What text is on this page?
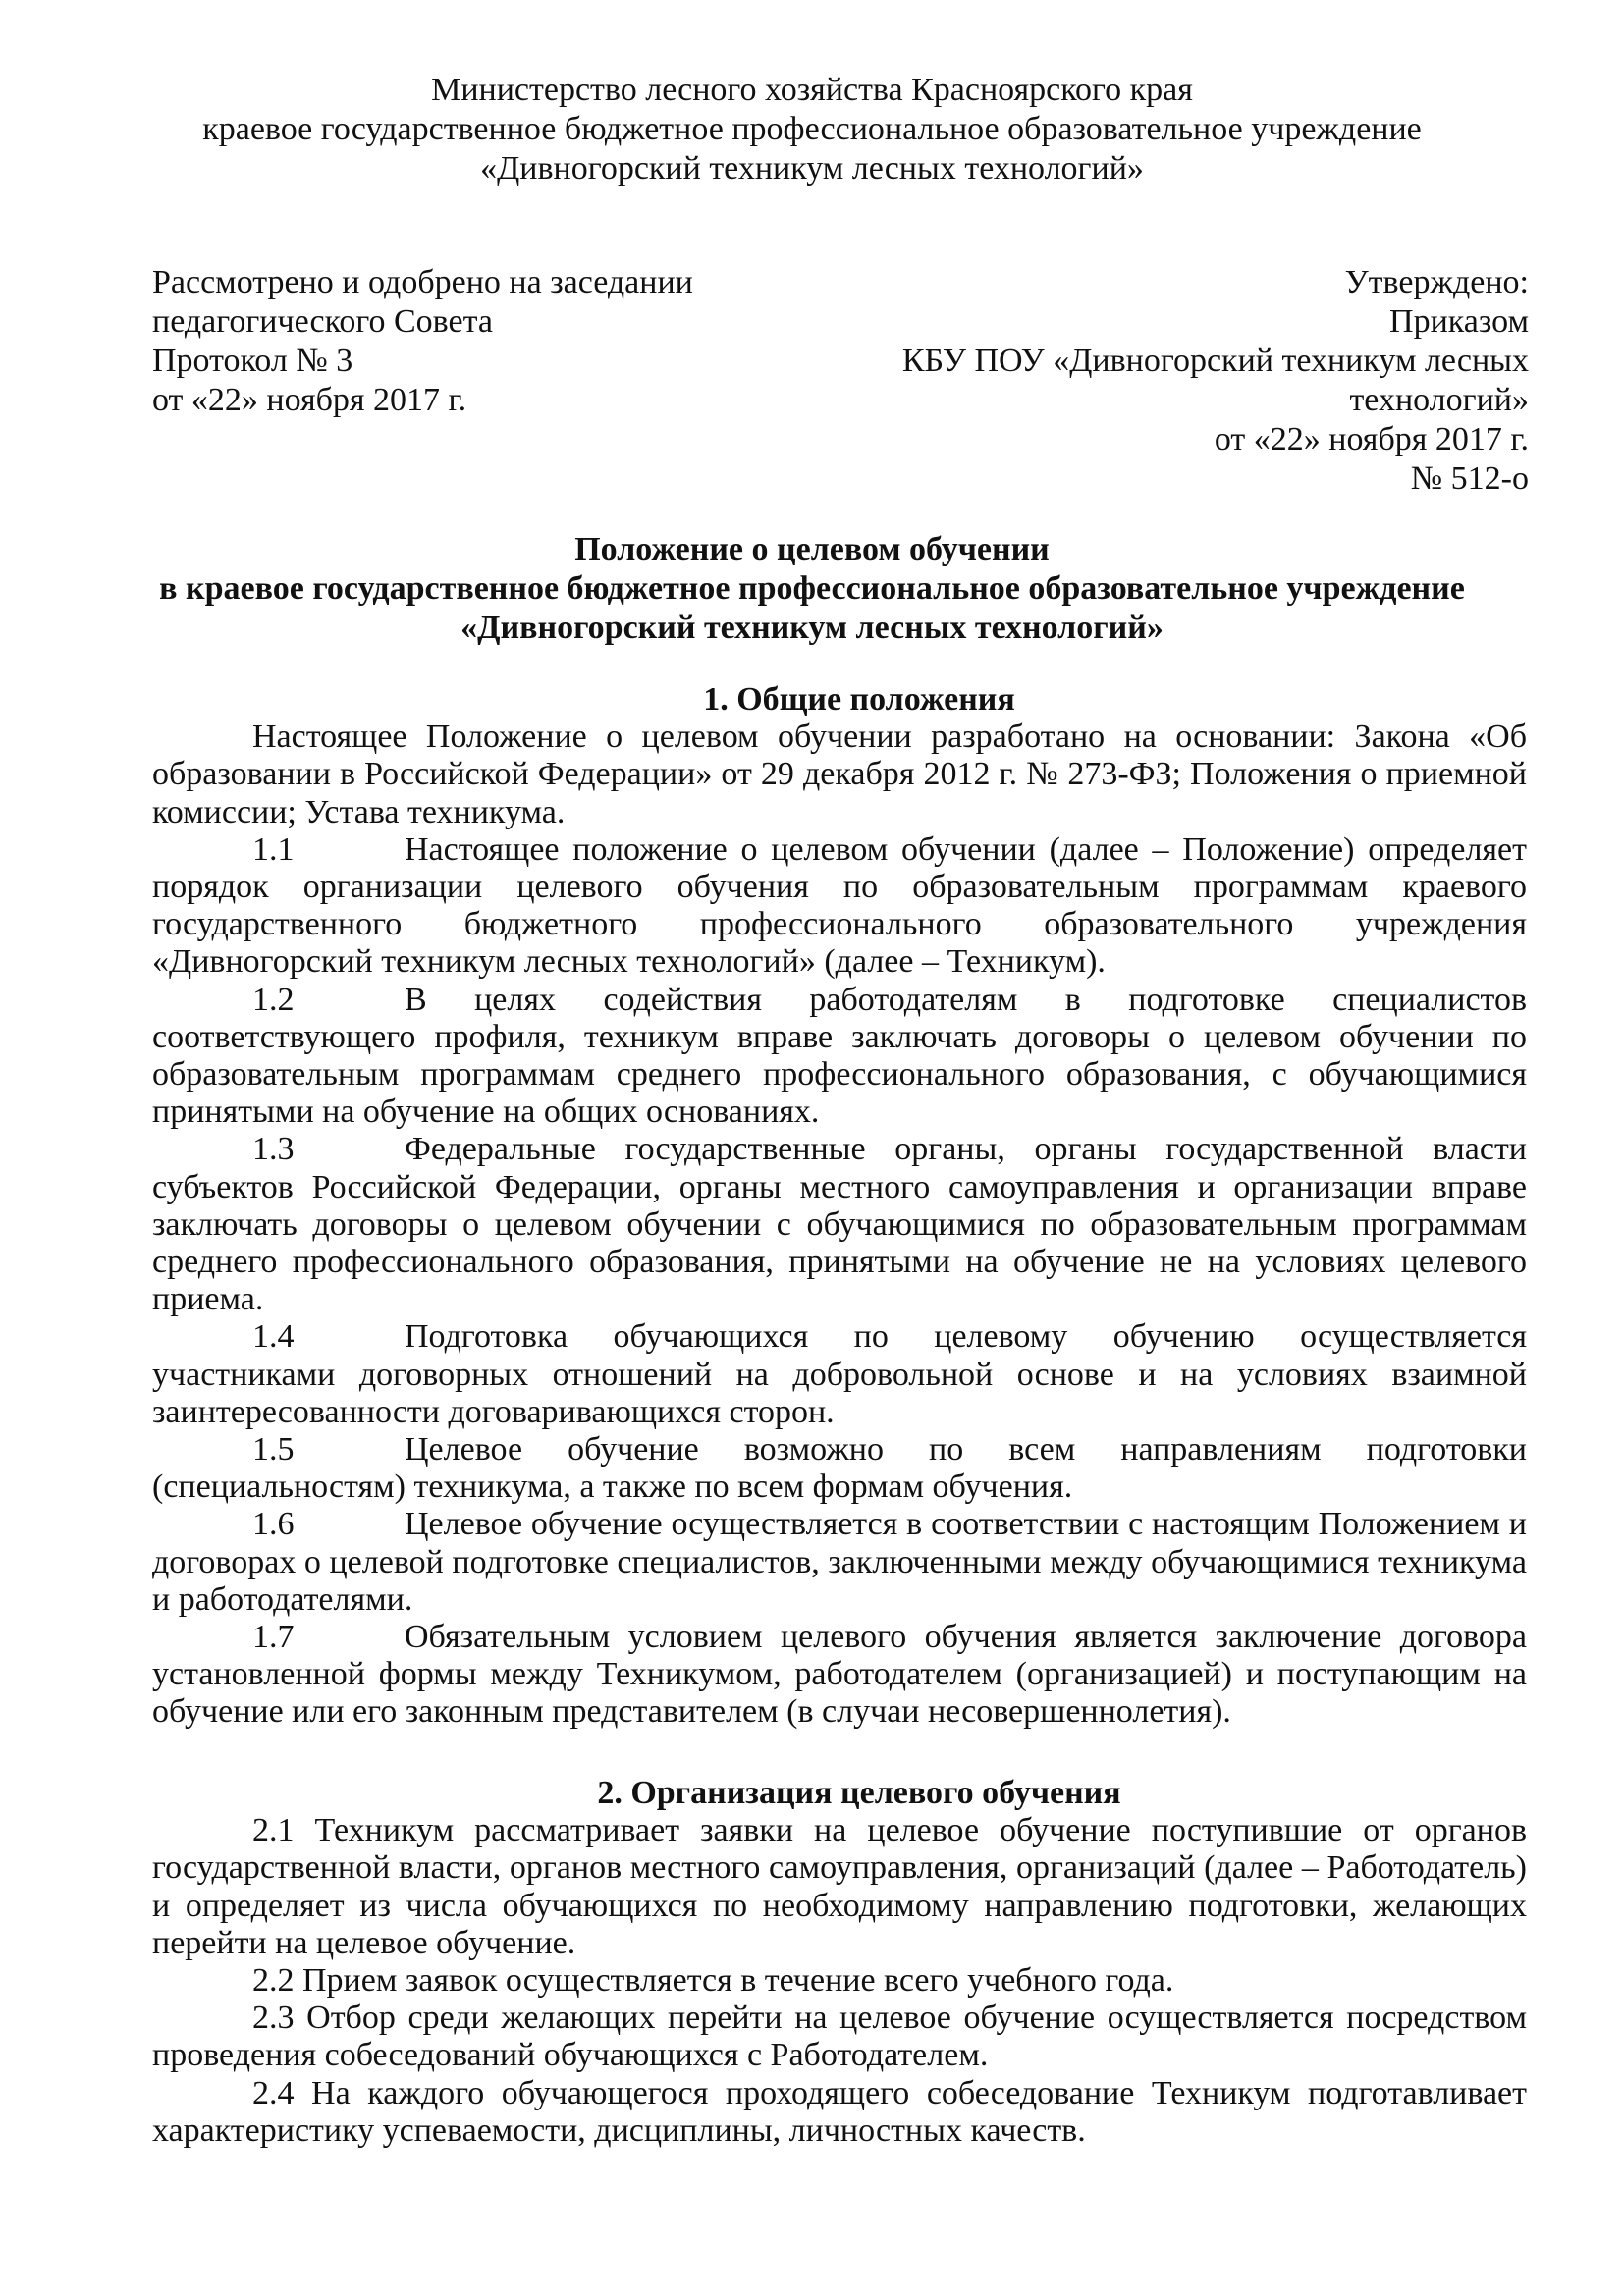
Министерство лесного хозяйства Красноярского края
краевое государственное бюджетное профессиональное образовательное учреждение
«Дивногорский техникум лесных технологий»
Рассмотрено и одобрено на заседании
педагогического Совета
Протокол № 3
от «22» ноября 2017 г.
Утверждено:
Приказом
КБУ ПОУ «Дивногорский техникум лесных
технологий»
от «22» ноября 2017 г.
№ 512-о
Положение о целевом обучении
в краевое государственное бюджетное профессиональное образовательное учреждение
«Дивногорский техникум лесных технологий»

1. Общие положения

Настоящее Положение о целевом обучении разработано на основании: Закона «Об образовании в Российской Федерации» от 29 декабря 2012 г. № 273-ФЗ; Положения о приемной комиссии; Устава техникума.

1.1	Настоящее положение о целевом обучении (далее – Положение) определяет порядок организации целевого обучения по образовательным программам краевого государственного бюджетного профессионального образовательного учреждения «Дивногорский техникум лесных технологий» (далее – Техникум).

1.2	В целях содействия работодателям в подготовке специалистов соответствующего профиля, техникум вправе заключать договоры о целевом обучении по образовательным программам среднего профессионального образования, с обучающимися принятыми на обучение на общих основаниях.

1.3	Федеральные государственные органы, органы государственной власти субъектов Российской Федерации, органы местного самоуправления и организации вправе заключать договоры о целевом обучении с обучающимися по образовательным программам среднего профессионального образования, принятыми на обучение не на условиях целевого приема.

1.4	Подготовка обучающихся по целевому обучению осуществляется участниками договорных отношений на добровольной основе и на условиях взаимной заинтересованности договаривающихся сторон.

1.5	Целевое обучение возможно по всем направлениям подготовки (специальностям) техникума, а также по всем формам обучения.

1.6	Целевое обучение осуществляется в соответствии с настоящим Положением и договорах о целевой подготовке специалистов, заключенными между обучающимися техникума и работодателями.

1.7	Обязательным условием целевого обучения является заключение договора установленной формы между Техникумом, работодателем (организацией) и поступающим на обучение или его законным представителем (в случаи несовершеннолетия).

2. Организация целевого обучения

2.1 Техникум рассматривает заявки на целевое обучение поступившие от органов государственной власти, органов местного самоуправления, организаций (далее – Работодатель) и определяет из числа обучающихся по необходимому направлению подготовки, желающих перейти на целевое обучение.

2.2 Прием заявок осуществляется в течение всего учебного года.

2.3 Отбор среди желающих перейти на целевое обучение осуществляется посредством проведения собеседований обучающихся с Работодателем.

2.4 На каждого обучающегося проходящего собеседование Техникум подготавливает характеристику успеваемости, дисциплины, личностных качеств.
